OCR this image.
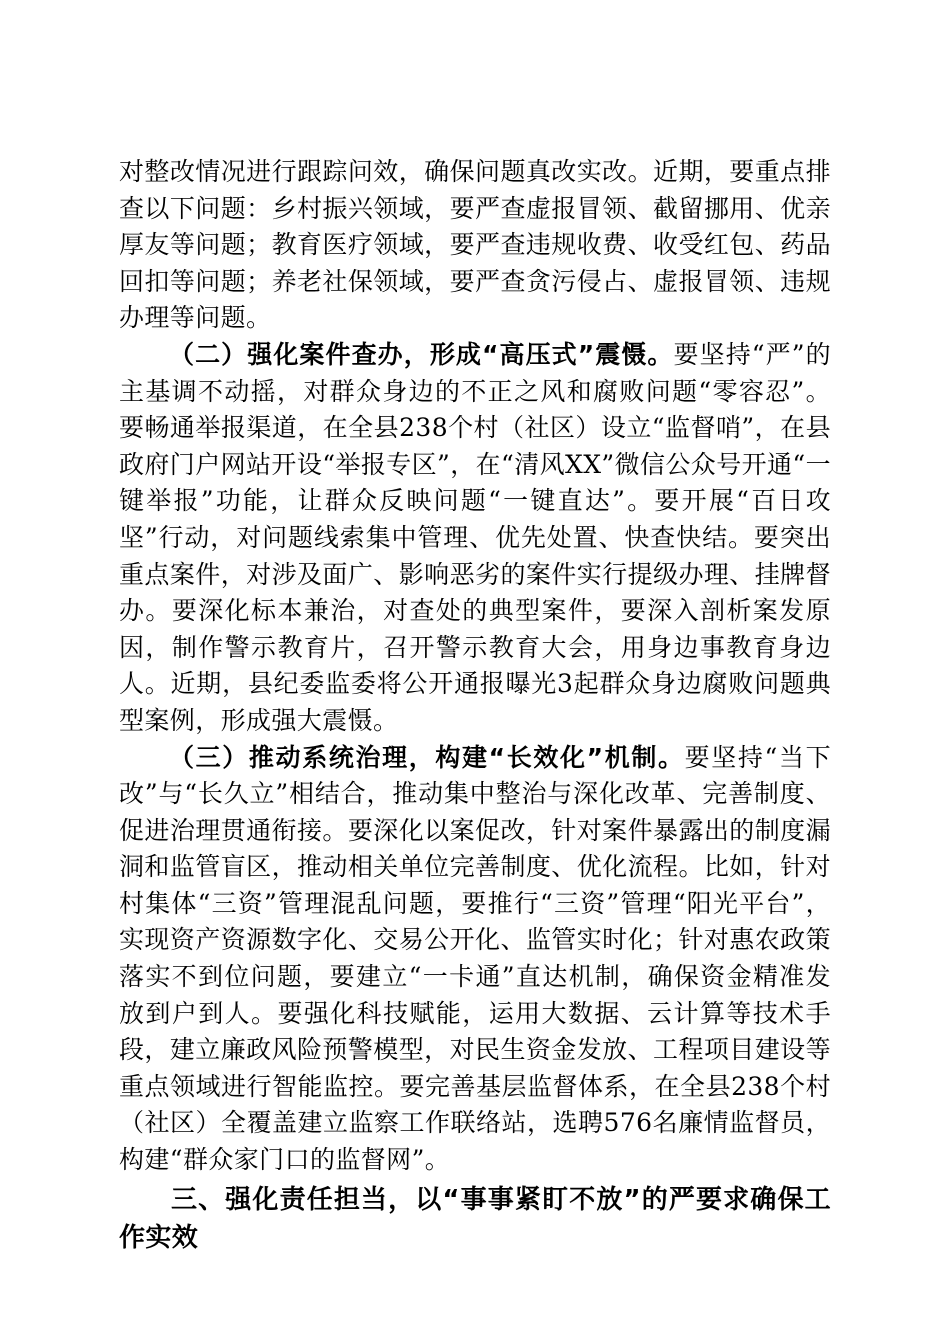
对整改情况进行跟踪问效，确保问题真改实改。近期，要重点排查以下问题：乡村振兴领域，要严查虚报冒领、截留挪用、优亲厚友等问题；教育医疗领域，要严查违规收费、收受红包、药品回扣等问题；养老社保领域，要严查贪污侵占、虚报冒领、违规办理等问题。

（二）强化案件查办，形成“高压式”震慑。要坚持“严”的主基调不动摇，对群众身边的不正之风和腐败问题“零容忍”。要畅通举报渠道，在全县238个村（社区）设立“监督哨”，在县政府门户网站开设“举报专区”，在“清风XX”微信公众号开通“一键举报”功能，让群众反映问题“一键直达”。要开展“百日攻坚”行动，对问题线索集中管理、优先处置、快查快结。要突出重点案件，对涉及面广、影响恶劣的案件实行提级办理、挂牌督办。要深化标本兼治，对查处的典型案件，要深入剖析案发原因，制作警示教育片，召开警示教育大会，用身边事教育身边人。近期，县纪委监委将公开通报曝光3起群众身边腐败问题典型案例，形成强大震慑。

（三）推动系统治理，构建“长效化”机制。要坚持“当下改”与“长久立”相结合，推动集中整治与深化改革、完善制度、促进治理贯通衔接。要深化以案促改，针对案件暴露出的制度漏洞和监管盲区，推动相关单位完善制度、优化流程。比如，针对村集体“三资”管理混乱问题，要推行“三资”管理“阳光平台”，实现资产资源数字化、交易公开化、监管实时化；针对惠农政策落实不到位问题，要建立“一卡通”直达机制，确保资金精准发放到户到人。要强化科技赋能，运用大数据、云计算等技术手段，建立廉政风险预警模型，对民生资金发放、工程项目建设等重点领域进行智能监控。要完善基层监督体系，在全县238个村（社区）全覆盖建立监察工作联络站，选聘576名廉情监督员，构建“群众家门口的监督网”。

三、强化责任担当，以“事事紧盯不放”的严要求确保工作实效
